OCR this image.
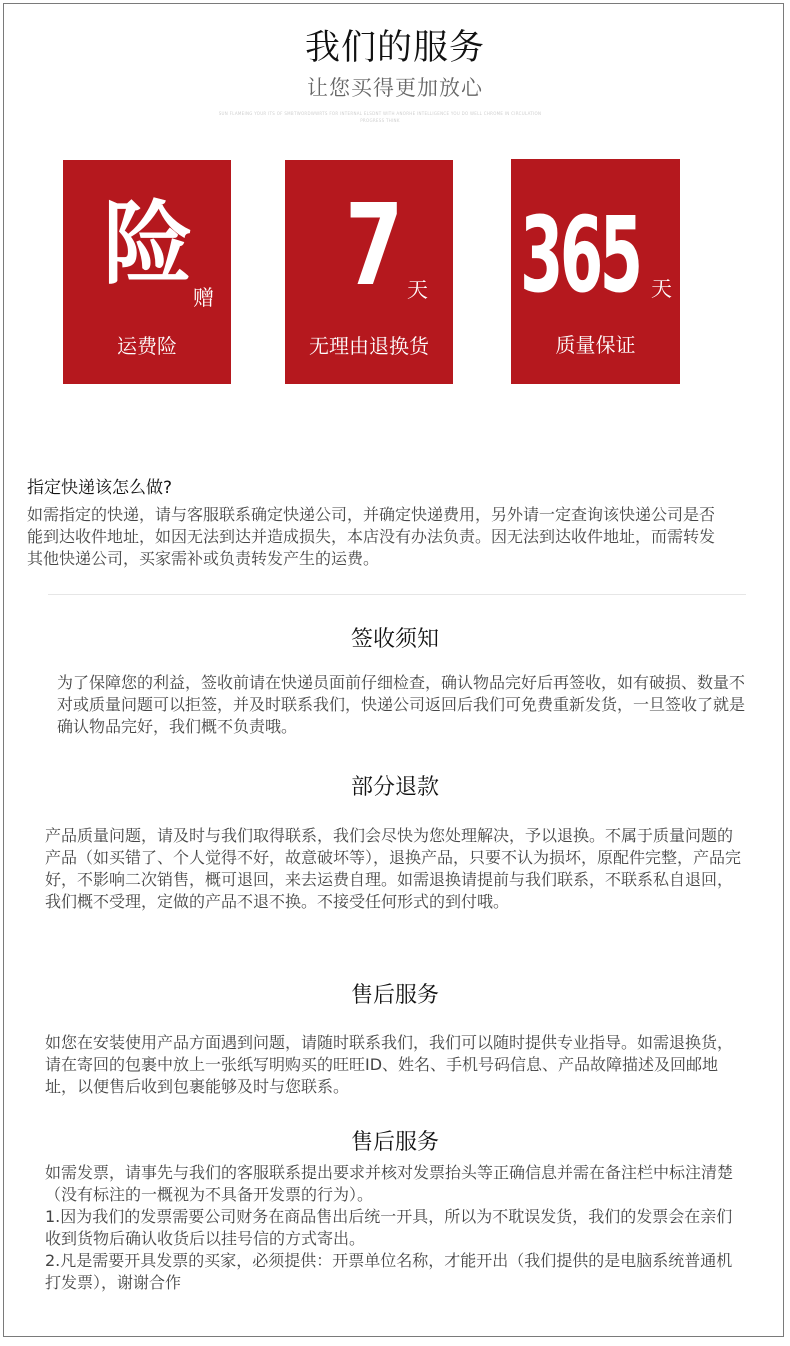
我们的服务
让您买得更加放心
SUN FLAMEING YOUR ITS OF SMBTWORDWWRTS FOR INTERNAL ELSDNT WITH ANORHE INTELLIGENCE YOU DO WELL CHROME IN CIRCULATION PROGRESS THINK
险
赠
运费险
7 天
无理由退换货
365 天
质量保证
指定快递该怎么做?

如需指定的快递，请与客服联系确定快递公司，并确定快递费用，另外请一定查询该快递公司是否能到达收件地址，如因无法到达并造成损失，本店没有办法负责。因无法到达收件地址，而需转发其他快递公司，买家需补或负责转发产生的运费。

签收须知

为了保障您的利益，签收前请在快递员面前仔细检查，确认物品完好后再签收，如有破损、数量不对或质量问题可以拒签，并及时联系我们，快递公司返回后我们可免费重新发货，一旦签收了就是确认物品完好，我们概不负责哦。

部分退款

产品质量问题，请及时与我们取得联系，我们会尽快为您处理解决，予以退换。不属于质量问题的产品（如买错了、个人觉得不好，故意破坏等），退换产品，只要不认为损坏，原配件完整，产品完好，不影响二次销售，概可退回，来去运费自理。如需退换请提前与我们联系，不联系私自退回，我们概不受理，定做的产品不退不换。不接受任何形式的到付哦。

售后服务

如您在安装使用产品方面遇到问题，请随时联系我们，我们可以随时提供专业指导。如需退换货，请在寄回的包裹中放上一张纸写明购买的旺旺ID、姓名、手机号码信息、产品故障描述及回邮地址，以便售后收到包裹能够及时与您联系。

售后服务
如需发票，请事先与我们的客服联系提出要求并核对发票抬头等正确信息并需在备注栏中标注清楚（没有标注的一概视为不具备开发票的行为）。
1.因为我们的发票需要公司财务在商品售出后统一开具，所以为不耽误发货，我们的发票会在亲们收到货物后确认收货后以挂号信的方式寄出。
2.凡是需要开具发票的买家，必须提供：开票单位名称，才能开出（我们提供的是电脑系统普通机打发票），谢谢合作
